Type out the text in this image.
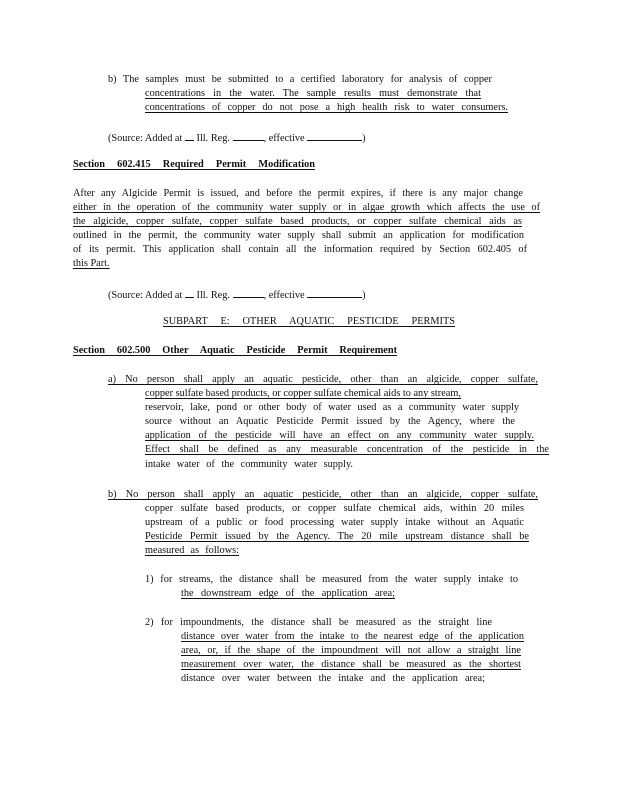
b) The samples must be submitted to a certified laboratory for analysis of copper
concentrations in the water. The sample results must demonstrate that
concentrations of copper do not pose a high health risk to water consumers.
(Source: Added at Ill. Reg.	, effective	)
Section 602.415 Required Permit Modification
After any Algicide Permit is issued, and before the permit expires, if there is any major change
either in the operation of the community water supply or in algae growth which affects the use of
the algicide, copper sulfate, copper sulfate based products, or copper sulfate chemical aids as
outlined in the permit, the community water supply shall submit an application for modification
of its permit. This application shall contain all the information required by Section 602.405 of
this Part.
(Source: Added at Ill. Reg.	, effective	)
SUBPART E: OTHER AQUATIC PESTICIDE PERMITS
Section 602.500 Other Aquatic Pesticide Permit Requirement
a) No person shall apply an aquatic pesticide, other than an algicide, copper sulfate,
copper sulfate based products, or copper sulfate chemical aids to any stream,
reservoir, lake, pond or other body of water used as a community water supply
source without an Aquatic Pesticide Permit issued by the Agency, where the
application of the pesticide will have an effect on any community water supply.
Effect shall be defined as any measurable concentration of the pesticide in the
intake water of the community water supply.
b) No person shall apply an aquatic pesticide, other than an algicide, copper sulfate,
copper sulfate based products, or copper sulfate chemical aids, within 20 miles
upstream of a public or food processing water supply intake without an Aquatic
Pesticide Permit issued by the Agency. The 20 mile upstream distance shall be
measured as follows:
1) for streams, the distance shall be measured from the water supply intake to
the downstream edge of the application area;
2) for impoundments, the distance shall be measured as the straight line
distance over water from the intake to the nearest edge of the application
area, or, if the shape of the impoundment will not allow a straight line
measurement over water, the distance shall be measured as the shortest
distance over water between the intake and the application area;
